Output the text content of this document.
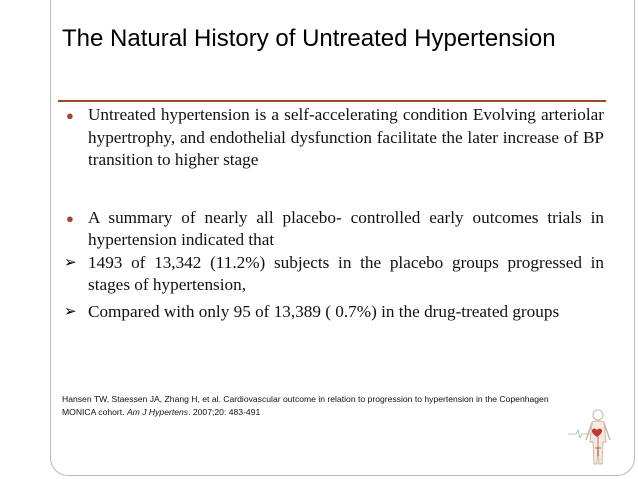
The Natural History of Untreated Hypertension
● Untreated hypertension is a self-accelerating condition Evolving arteriolar hypertrophy, and endothelial dysfunction facilitate the later increase of BP transition to higher stage
● A summary of nearly all placebo- controlled early outcomes trials in hypertension indicated that
➢ 1493 of 13,342 (11.2%) subjects in the placebo groups progressed in stages of hypertension,
➢ Compared with only 95 of 13,389 ( 0.7%) in the drug-treated groups
Hansen TW, Staessen JA, Zhang H, et al. Cardiovascular outcome in relation to progression to hypertension in the Copenhagen MONICA cohort. Am J Hypertens. 2007;20: 483-491
